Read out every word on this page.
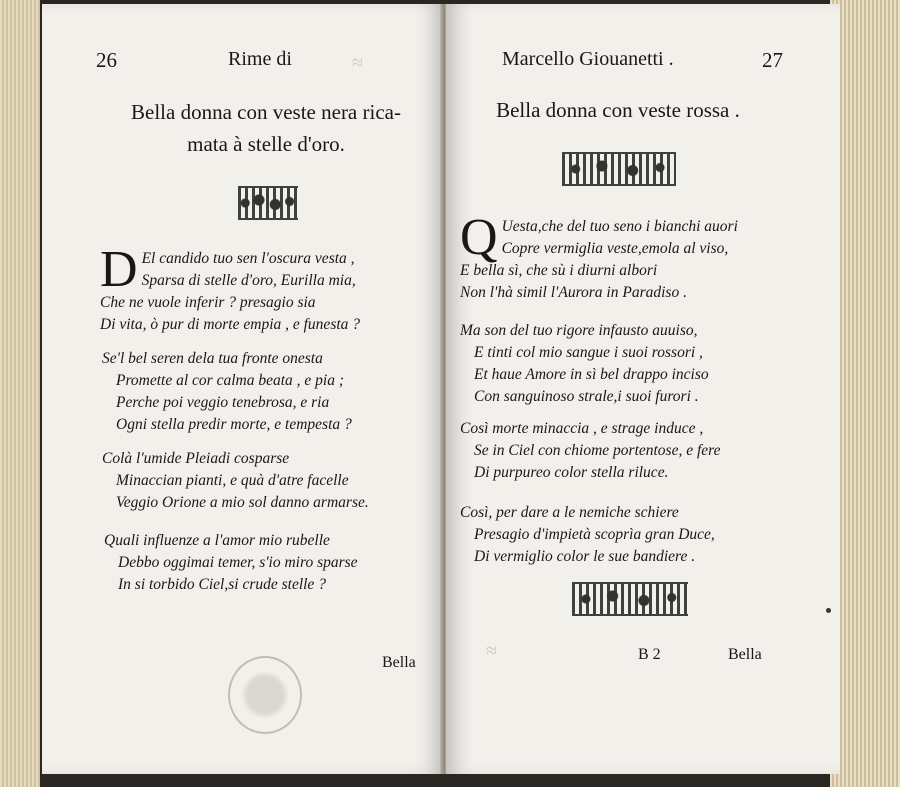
26	Rime di	≈
Bella donna con veste nera rica-
mata à stelle d'oro.
D El candido tuo sen l'oscura vesta ,
Sparsa di stelle d'oro, Eurilla mia,
Che ne vuole inferir ? presagio sia
Di vita, ò pur di morte empia , e funesta ?
Se'l bel seren dela tua fronte onesta
Promette al cor calma beata , e pia ;
Perche poi veggio tenebrosa, e ria
Ogni stella predir morte, e tempesta ?
Colà l'umide Pleiadi cosparse
Minaccian pianti, e quà d'atre facelle
Veggio Orione a mio sol danno armarse.
Quali influenze a l'amor mio rubelle
Debbo oggimai temer, s'io miro sparse
In si torbido Ciel,si crude stelle ?
Bella
Marcello Giouanetti .	27
Bella donna con veste rossa .
Q Uesta,che del tuo seno i bianchi auori
Copre vermiglia veste,emola al viso,
E bella sì, che sù i diurni albori
Non l'hà simil l'Aurora in Paradiso .
Ma son del tuo rigore infausto auuiso,
E tinti col mio sangue i suoi rossori ,
Et haue Amore in sì bel drappo inciso
Con sanguinoso strale,i suoi furori .
Così morte minaccia , e strage induce ,
Se in Ciel con chiome portentose, e fere
Di purpureo color stella riluce.
Così, per dare a le nemiche schiere
Presagio d'impietà scoprìa gran Duce,
Di vermiglio color le sue bandiere .
≈	B 2	Bella
